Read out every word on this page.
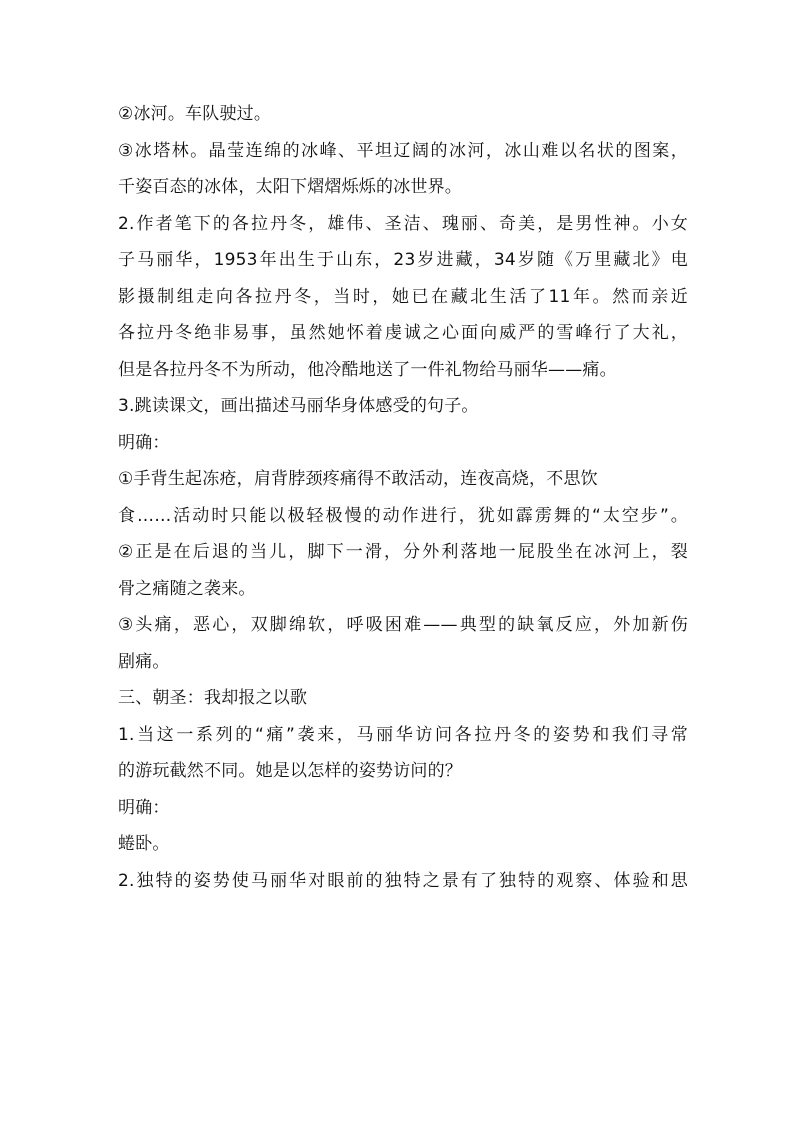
②冰河。车队驶过。
③冰塔林。晶莹连绵的冰峰、平坦辽阔的冰河，冰山难以名状的图案，
千姿百态的冰体，太阳下熠熠烁烁的冰世界。
2.作者笔下的各拉丹冬，雄伟、圣洁、瑰丽、奇美，是男性神。小女
子马丽华，1953年出生于山东，23岁进藏，34岁随《万里藏北》电
影摄制组走向各拉丹冬，当时，她已在藏北生活了11年。然而亲近
各拉丹冬绝非易事，虽然她怀着虔诚之心面向威严的雪峰行了大礼，
但是各拉丹冬不为所动，他冷酷地送了一件礼物给马丽华——痛。
3.跳读课文，画出描述马丽华身体感受的句子。
明确：
①手背生起冻疮，肩背脖颈疼痛得不敢活动，连夜高烧，不思饮
食……活动时只能以极轻极慢的动作进行，犹如霹雳舞的“太空步”。
②正是在后退的当儿，脚下一滑，分外利落地一屁股坐在冰河上，裂
骨之痛随之袭来。
③头痛，恶心，双脚绵软，呼吸困难——典型的缺氧反应，外加新伤
剧痛。
三、朝圣：我却报之以歌
1.当这一系列的“痛”袭来，马丽华访问各拉丹冬的姿势和我们寻常
的游玩截然不同。她是以怎样的姿势访问的？
明确：
蜷卧。
2.独特的姿势使马丽华对眼前的独特之景有了独特的观察、体验和思
